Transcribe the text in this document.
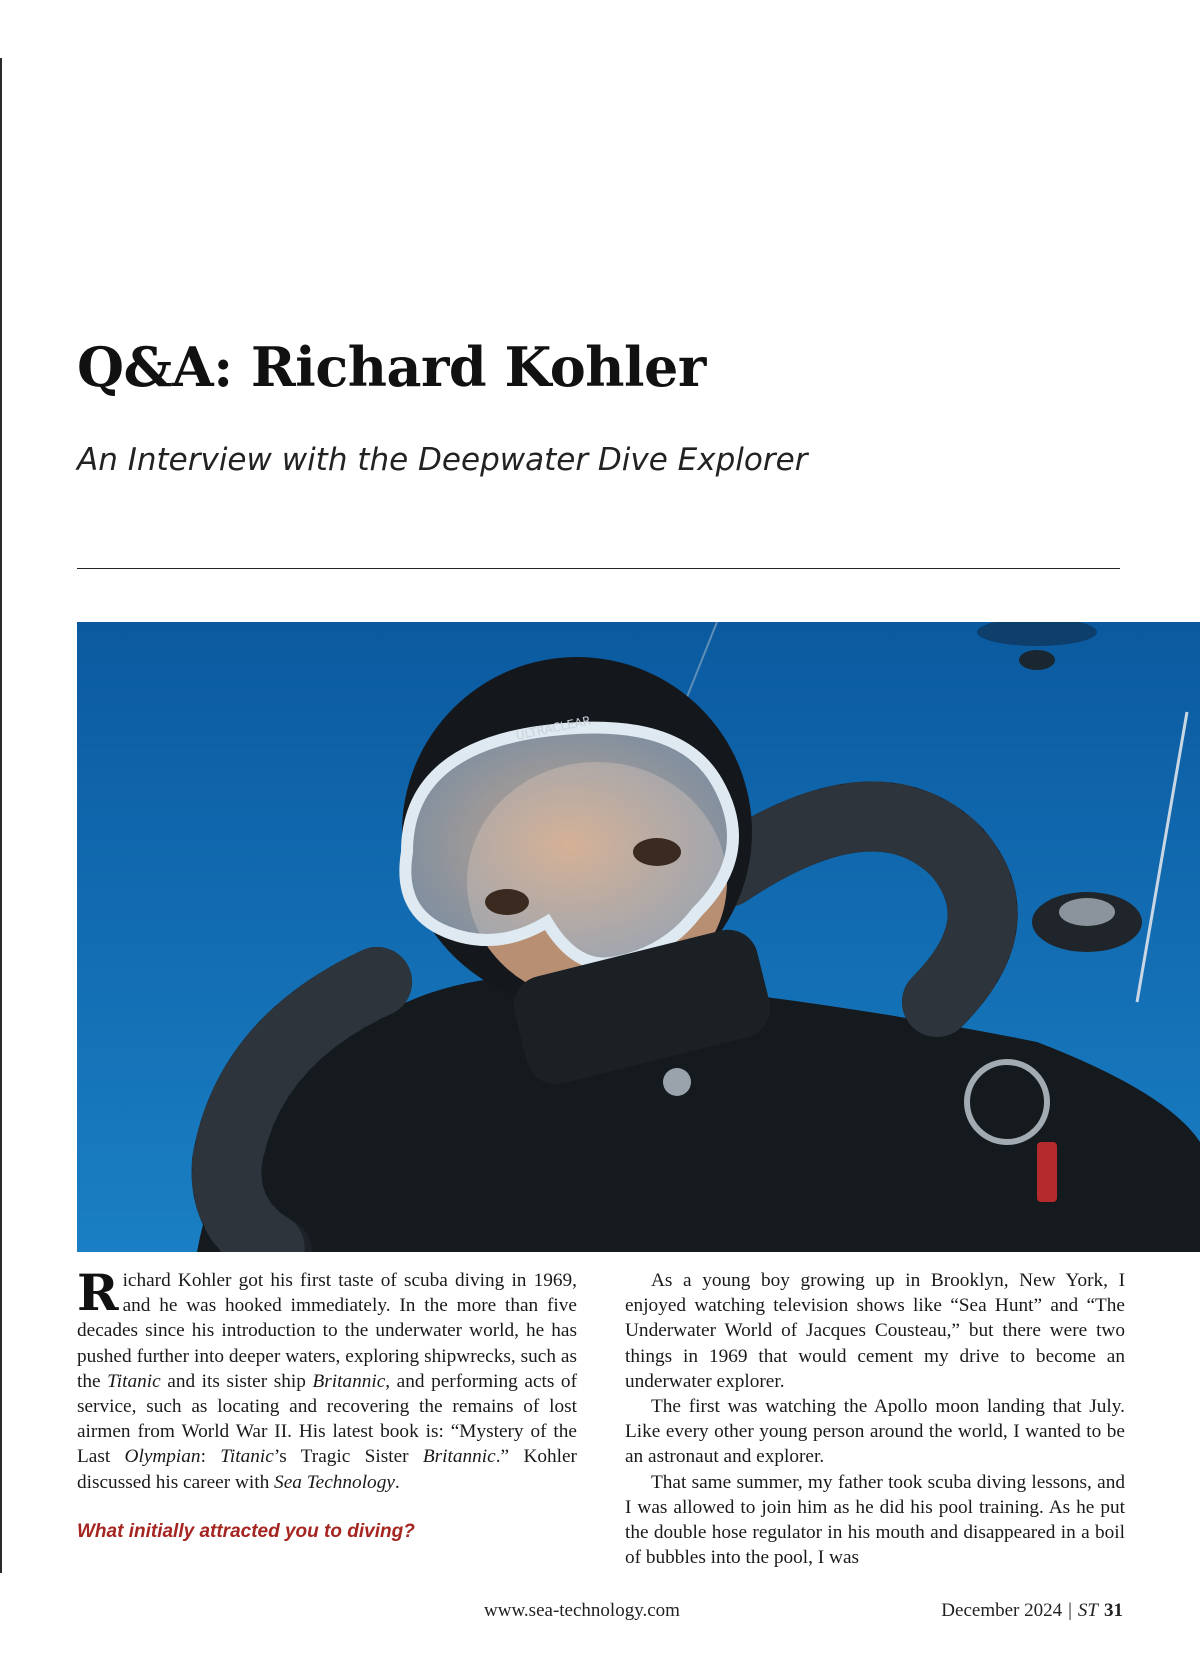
Q&A: Richard Kohler
An Interview with the Deepwater Dive Explorer
ULTRACLEAR

Richard Kohler got his first taste of scuba diving in 1969, and he was hooked immediately. In the more than five decades since his introduction to the underwater world, he has pushed further into deeper waters, exploring shipwrecks, such as the Titanic and its sister ship Britannic, and performing acts of service, such as locating and recovering the remains of lost airmen from World War II. His latest book is: “Mystery of the Last Olympian: Titanic’s Tragic Sister Britannic.” Kohler discussed his career with Sea Technology.

What initially attracted you to diving?

As a young boy growing up in Brooklyn, New York, I enjoyed watching television shows like “Sea Hunt” and “The Underwater World of Jacques Cousteau,” but there were two things in 1969 that would cement my drive to become an underwater explorer.

The first was watching the Apollo moon landing that July. Like every other young person around the world, I wanted to be an astronaut and explorer.

That same summer, my father took scuba diving lessons, and I was allowed to join him as he did his pool training. As he put the double hose regulator in his mouth and disappeared in a boil of bubbles into the pool, I was

www.sea-technology.com	December 2024 | ST 31
